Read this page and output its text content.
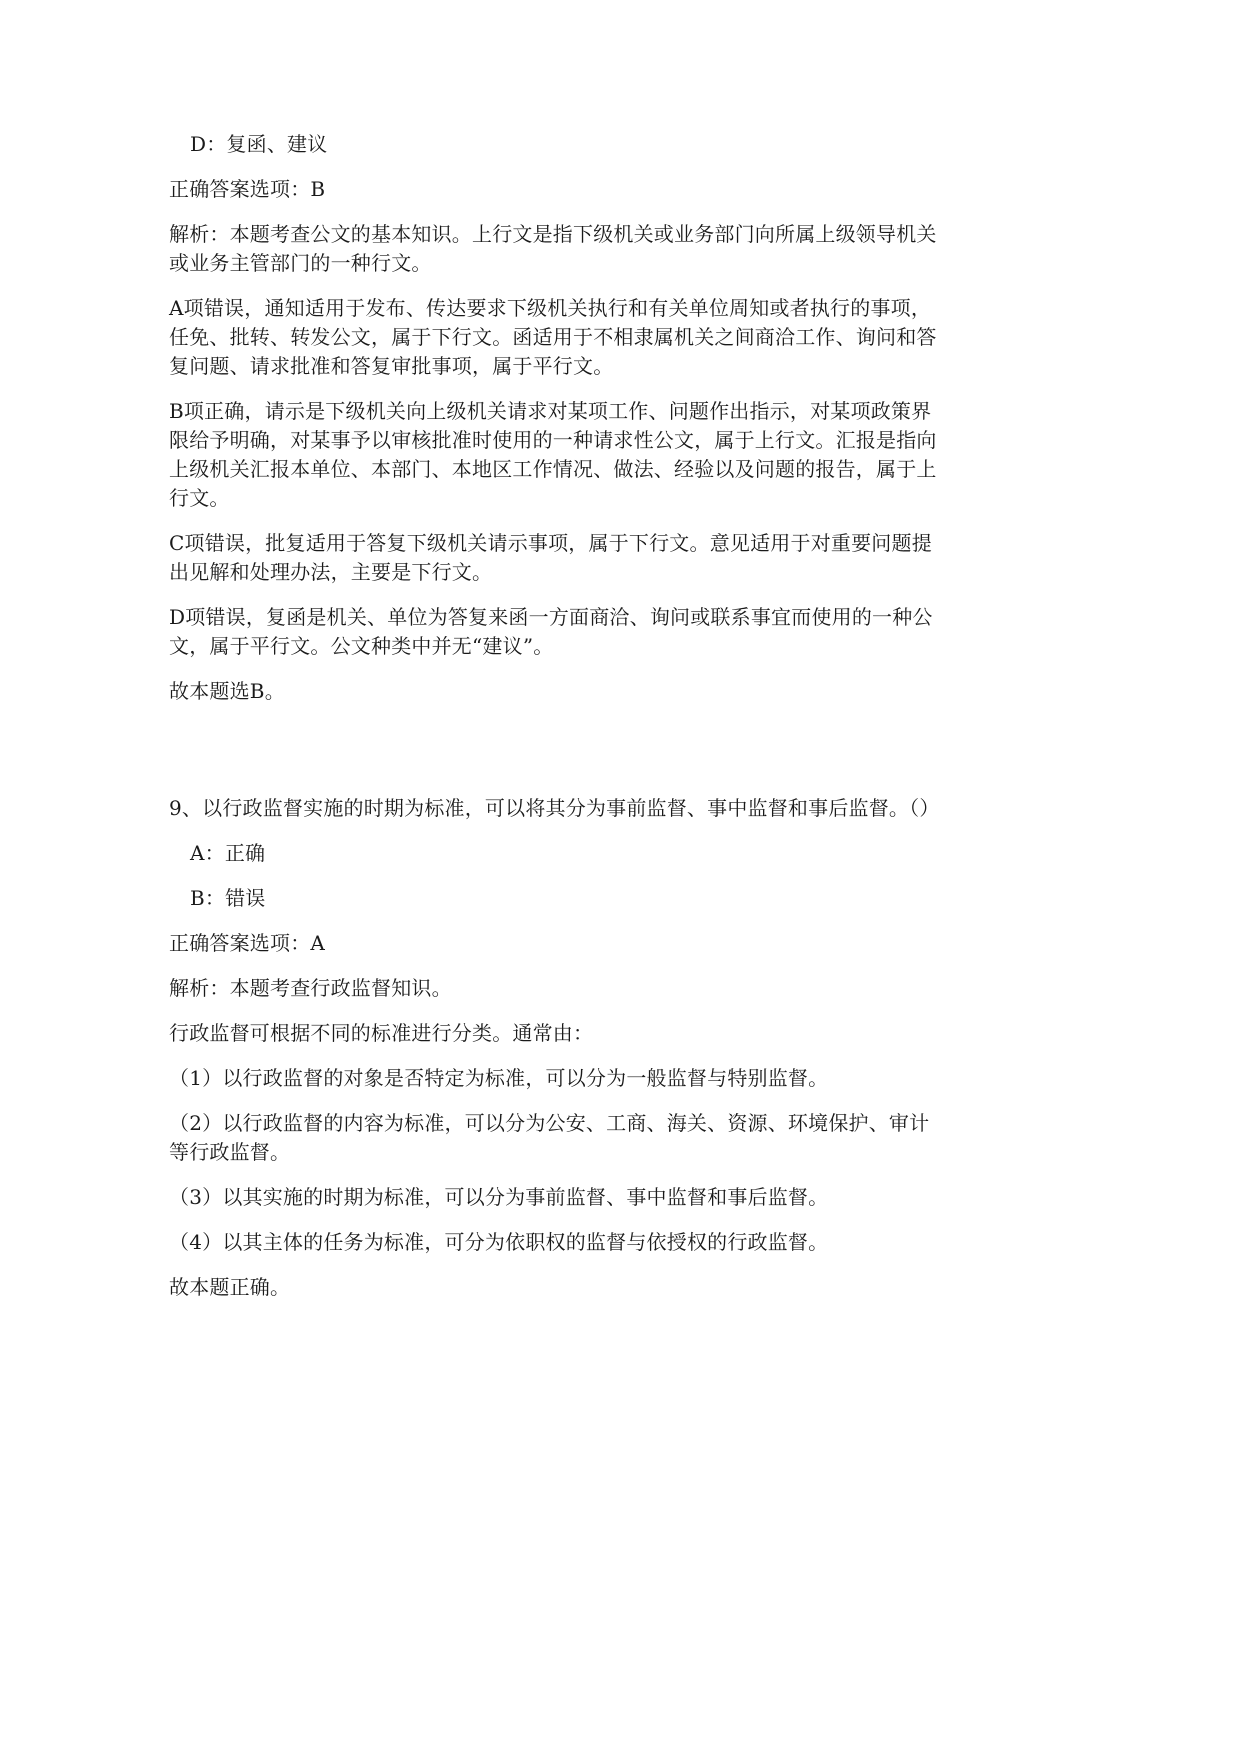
D：复函、建议

正确答案选项：B

解析：本题考查公文的基本知识。上行文是指下级机关或业务部门向所属上级领导机关或业务主管部门的一种行文。

A项错误，通知适用于发布、传达要求下级机关执行和有关单位周知或者执行的事项，任免、批转、转发公文，属于下行文。函适用于不相隶属机关之间商洽工作、询问和答复问题、请求批准和答复审批事项，属于平行文。

B项正确，请示是下级机关向上级机关请求对某项工作、问题作出指示，对某项政策界限给予明确，对某事予以审核批准时使用的一种请求性公文，属于上行文。汇报是指向上级机关汇报本单位、本部门、本地区工作情况、做法、经验以及问题的报告，属于上行文。

C项错误，批复适用于答复下级机关请示事项，属于下行文。意见适用于对重要问题提出见解和处理办法，主要是下行文。

D项错误，复函是机关、单位为答复来函一方面商洽、询问或联系事宜而使用的一种公文，属于平行文。公文种类中并无“建议”。

故本题选B。

9、以行政监督实施的时期为标准，可以将其分为事前监督、事中监督和事后监督。（）

A：正确

B：错误

正确答案选项：A

解析：本题考查行政监督知识。

行政监督可根据不同的标准进行分类。通常由：

（1）以行政监督的对象是否特定为标准，可以分为一般监督与特别监督。

（2）以行政监督的内容为标准，可以分为公安、工商、海关、资源、环境保护、审计等行政监督。

（3）以其实施的时期为标准，可以分为事前监督、事中监督和事后监督。

（4）以其主体的任务为标准，可分为依职权的监督与依授权的行政监督。

故本题正确。
